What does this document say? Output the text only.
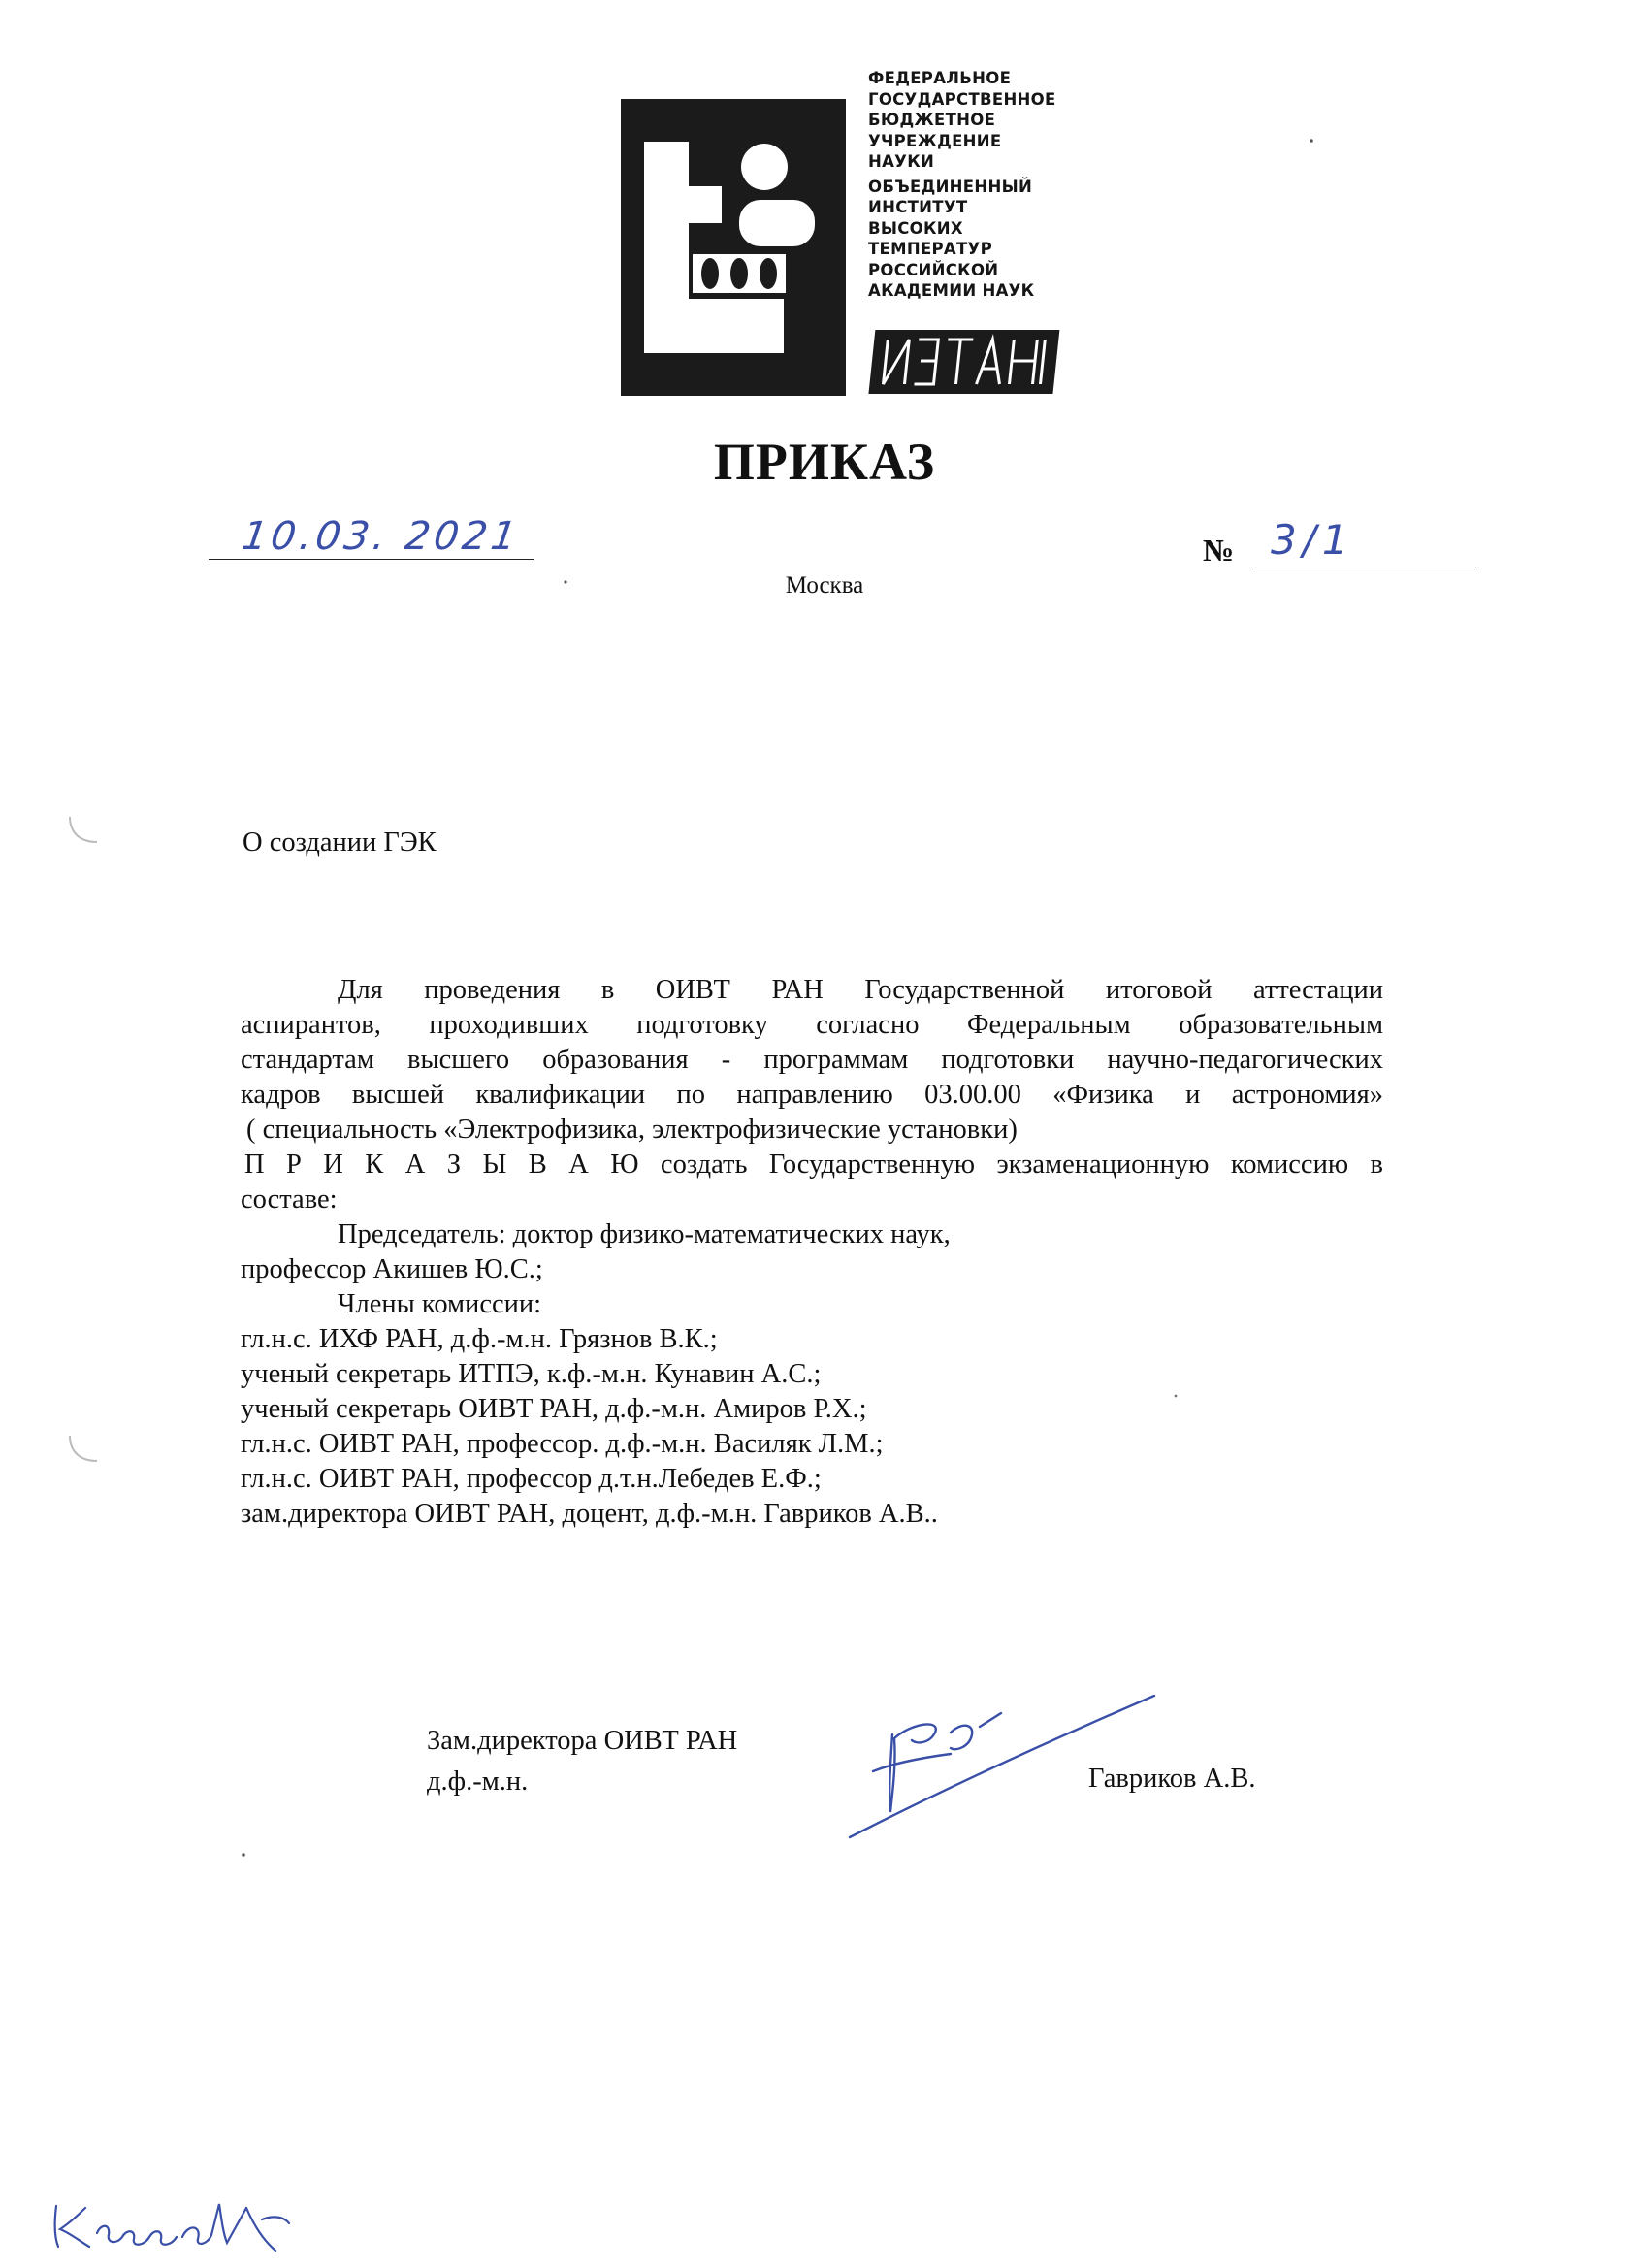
ФЕДЕРАЛЬНОЕ
ГОСУДАРСТВЕННОЕ
БЮДЖЕТНОЕ
УЧРЕЖДЕНИЕ
НАУКИ
ОБЪЕДИНЕННЫЙ
ИНСТИТУТ
ВЫСОКИХ
ТЕМПЕРАТУР
РОССИЙСКОЙ
АКАДЕМИИ НАУК
ПРИКАЗ
10.03. 2021	№ 3/1
Москва
О создании ГЭК

Для проведения в ОИВТ РАН Государственной итоговой аттестации

аспирантов, проходивших подготовку согласно Федеральным образовательным

стандартам высшего образования - программам подготовки научно-педагогических

кадров высшей квалификации по направлению 03.00.00 «Физика и астрономия»

( специальность «Электрофизика, электрофизические установки)

П Р И К А З Ы В А Ю создать Государственную экзаменационную комиссию в

составе:

Председатель: доктор физико-математических наук,

профессор Акишев Ю.С.;

Члены комиссии:

гл.н.с. ИХФ РАН, д.ф.-м.н. Грязнов В.К.;

ученый секретарь ИТПЭ, к.ф.-м.н. Кунавин А.С.;

ученый секретарь ОИВТ РАН, д.ф.-м.н. Амиров Р.Х.;

гл.н.с. ОИВТ РАН, профессор. д.ф.-м.н. Василяк Л.М.;

гл.н.с. ОИВТ РАН, профессор д.т.н.Лебедев Е.Ф.;

зам.директора ОИВТ РАН, доцент, д.ф.-м.н. Гавриков А.В..

Зам.директора ОИВТ РАН
д.ф.-м.н.	Гавриков А.В.
